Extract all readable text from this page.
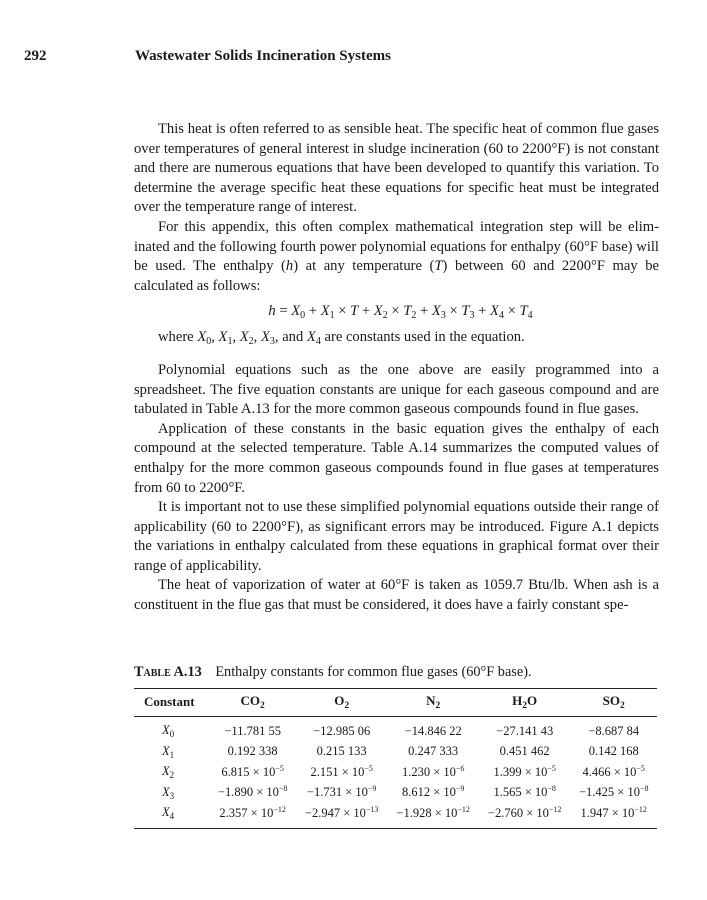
292	Wastewater Solids Incineration Systems

This heat is often referred to as sensible heat. The specific heat of common flue gases over temperatures of general interest in sludge incineration (60 to 2200°F) is not constant and there are numerous equations that have been developed to quantify this variation. To determine the average specific heat these equations for specific heat must be integrated over the temperature range of interest.

For this appendix, this often complex mathematical integration step will be eliminated and the following fourth power polynomial equations for enthalpy (60°F base) will be used. The enthalpy (h) at any temperature (T) between 60 and 2200°F may be calculated as follows:

$h = X_0 + X_1 \times T + X_2 \times T_2 + X_3 \times T_3 + X_4 \times T_4$

where $X_0$, $X_1$, $X_2$, $X_3$, and $X_4$ are constants used in the equation.

Polynomial equations such as the one above are easily programmed into a spreadsheet. The five equation constants are unique for each gaseous compound and are tabulated in Table A.13 for the more common gaseous compounds found in flue gases.

Application of these constants in the basic equation gives the enthalpy of each compound at the selected temperature. Table A.14 summarizes the computed values of enthalpy for the more common gaseous compounds found in flue gases at temperatures from 60 to 2200°F.

It is important not to use these simplified polynomial equations outside their range of applicability (60 to 2200°F), as significant errors may be introduced. Figure A.1 depicts the variations in enthalpy calculated from these equations in graphical format over their range of applicability.

The heat of vaporization of water at 60°F is taken as 1059.7 Btu/lb. When ash is a constituent in the flue gas that must be considered, it does have a fairly constant spe-

Table A.13 Enthalpy constants for common flue gases (60°F base).
Constant	$CO_2$	$O_2$	$N_2$	$H_2O$	$SO_2$
$X_0$	−11.781 55	−12.985 06	−14.846 22	−27.141 43	−8.687 84
$X_1$	0.192 338	0.215 133	0.247 333	0.451 462	0.142 168
$X_2$	$6.815 \times 10^{-5}$	$2.151 \times 10^{-5}$	$1.230 \times 10^{-6}$	$1.399 \times 10^{-5}$	$4.466 \times 10^{-5}$
$X_3$	$-1.890 \times 10^{-8}$	$-1.731 \times 10^{-9}$	$8.612 \times 10^{-9}$	$1.565 \times 10^{-8}$	$-1.425 \times 10^{-8}$
$X_4$	$2.357 \times 10^{-12}$	$-2.947 \times 10^{-13}$	$-1.928 \times 10^{-12}$	$-2.760 \times 10^{-12}$	$1.947 \times 10^{-12}$
